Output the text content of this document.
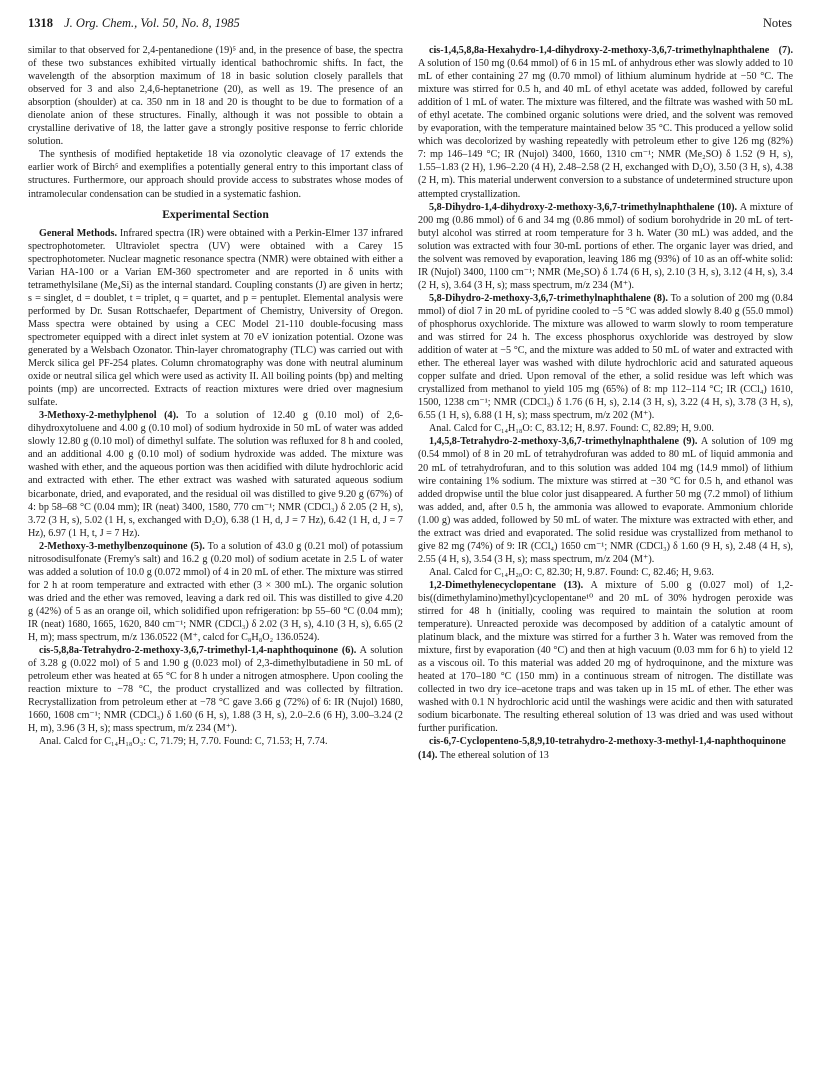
1318 J. Org. Chem., Vol. 50, No. 8, 1985	Notes

similar to that observed for 2,4-pentanedione (19)⁵ and, in the presence of base, the spectra of these two substances exhibited virtually identical bathochromic shifts. In fact, the wavelength of the absorption maximum of 18 in basic solution closely parallels that observed for 3 and also 2,4,6-heptanetrione (20), as well as 19. The presence of an absorption (shoulder) at ca. 350 nm in 18 and 20 is thought to be due to formation of a dienolate anion of these structures. Finally, although it was not possible to obtain a crystalline derivative of 18, the latter gave a strongly positive response to ferric chloride solution.

The synthesis of modified heptaketide 18 via ozonolytic cleavage of 17 extends the earlier work of Birch⁵ and exemplifies a potentially general entry to this important class of structures. Furthermore, our approach should provide access to substrates whose modes of intramolecular condensation can be studied in a systematic fashion.

Experimental Section

General Methods. Infrared spectra (IR) were obtained with a Perkin-Elmer 137 infrared spectrophotometer. Ultraviolet spectra (UV) were obtained with a Carey 15 spectrophotometer. Nuclear magnetic resonance spectra (NMR) were obtained with either a Varian HA-100 or a Varian EM-360 spectrometer and are reported in δ units with tetramethylsilane (Me₄Si) as the internal standard. Coupling constants (J) are given in hertz; s = singlet, d = doublet, t = triplet, q = quartet, and p = pentuplet. Elemental analysis were performed by Dr. Susan Rottschaefer, Department of Chemistry, University of Oregon. Mass spectra were obtained by using a CEC Model 21-110 double-focusing mass spectrometer equipped with a direct inlet system at 70 eV ionization potential. Ozone was generated by a Welsbach Ozonator. Thin-layer chromatography (TLC) was carried out with Merck silica gel PF-254 plates. Column chromatography was done with neutral aluminum oxide or neutral silica gel which were used as activity II. All boiling points (bp) and melting points (mp) are uncorrected. Extracts of reaction mixtures were dried over magnesium sulfate.

3-Methoxy-2-methylphenol (4). To a solution of 12.40 g (0.10 mol) of 2,6-dihydroxytoluene and 4.00 g (0.10 mol) of sodium hydroxide in 50 mL of water was added slowly 12.80 g (0.10 mol) of dimethyl sulfate. The solution was refluxed for 8 h and cooled, and an additional 4.00 g (0.10 mol) of sodium hydroxide was added. The mixture was washed with ether, and the aqueous portion was then acidified with dilute hydrochloric acid and extracted with ether. The ether extract was washed with saturated aqueous sodium bicarbonate, dried, and evaporated, and the residual oil was distilled to give 9.20 g (67%) of 4: bp 58–68 °C (0.04 mm); IR (neat) 3400, 1580, 770 cm⁻¹; NMR (CDCl₃) δ 2.05 (2 H, s), 3.72 (3 H, s), 5.02 (1 H, s, exchanged with D₂O), 6.38 (1 H, d, J = 7 Hz), 6.42 (1 H, d, J = 7 Hz), 6.97 (1 H, t, J = 7 Hz).

2-Methoxy-3-methylbenzoquinone (5). To a solution of 43.0 g (0.21 mol) of potassium nitrosodisulfonate (Fremy's salt) and 16.2 g (0.20 mol) of sodium acetate in 2.5 L of water was added a solution of 10.0 g (0.072 mmol) of 4 in 20 mL of ether. The mixture was stirred for 2 h at room temperature and extracted with ether (3 × 300 mL). The organic solution was dried and the ether was removed, leaving a dark red oil. This was distilled to give 4.20 g (42%) of 5 as an orange oil, which solidified upon refrigeration: bp 55–60 °C (0.04 mm); IR (neat) 1680, 1665, 1620, 840 cm⁻¹; NMR (CDCl₃) δ 2.02 (3 H, s), 4.10 (3 H, s), 6.65 (2 H, m); mass spectrum, m/z 136.0522 (M⁺, calcd for C₈H₈O₂ 136.0524).

cis-5,8,8a-Tetrahydro-2-methoxy-3,6,7-trimethyl-1,4-naphthoquinone (6). A solution of 3.28 g (0.022 mol) of 5 and 1.90 g (0.023 mol) of 2,3-dimethylbutadiene in 50 mL of petroleum ether was heated at 65 °C for 8 h under a nitrogen atmosphere. Upon cooling the reaction mixture to −78 °C, the product crystallized and was collected by filtration. Recrystallization from petroleum ether at −78 °C gave 3.66 g (72%) of 6: IR (Nujol) 1680, 1660, 1608 cm⁻¹; NMR (CDCl₃) δ 1.60 (6 H, s), 1.88 (3 H, s), 2.0–2.6 (6 H), 3.00–3.24 (2 H, m), 3.96 (3 H, s); mass spectrum, m/z 234 (M⁺).

Anal. Calcd for C₁₄H₁₈O₃: C, 71.79; H, 7.70. Found: C, 71.53; H, 7.74.

cis-1,4,5,8,8a-Hexahydro-1,4-dihydroxy-2-methoxy-3,6,7-trimethylnaphthalene (7). A solution of 150 mg (0.64 mmol) of 6 in 15 mL of anhydrous ether was slowly added to 10 mL of ether containing 27 mg (0.70 mmol) of lithium aluminum hydride at −50 °C. The mixture was stirred for 0.5 h, and 40 mL of ethyl acetate was added, followed by careful addition of 1 mL of water. The mixture was filtered, and the filtrate was washed with 50 mL of ethyl acetate. The combined organic solutions were dried, and the solvent was removed by evaporation, with the temperature maintained below 35 °C. This produced a yellow solid which was decolorized by washing repeatedly with petroleum ether to give 126 mg (82%) 7: mp 146–149 °C; IR (Nujol) 3400, 1660, 1310 cm⁻¹; NMR (Me₂SO) δ 1.52 (9 H, s), 1.55–1.83 (2 H), 1.96–2.20 (4 H), 2.48–2.58 (2 H, exchanged with D₂O), 3.50 (3 H, s), 4.38 (2 H, m). This material underwent conversion to a substance of undetermined structure upon attempted crystallization.

5,8-Dihydro-1,4-dihydroxy-2-methoxy-3,6,7-trimethylnaphthalene (10). A mixture of 200 mg (0.86 mmol) of 6 and 34 mg (0.86 mmol) of sodium borohydride in 20 mL of tert-butyl alcohol was stirred at room temperature for 3 h. Water (30 mL) was added, and the solution was extracted with four 30-mL portions of ether. The organic layer was dried, and the solvent was removed by evaporation, leaving 186 mg (93%) of 10 as an off-white solid: IR (Nujol) 3400, 1100 cm⁻¹; NMR (Me₂SO) δ 1.74 (6 H, s), 2.10 (3 H, s), 3.12 (4 H, s), 3.4 (2 H, s), 3.64 (3 H, s); mass spectrum, m/z 234 (M⁺).

5,8-Dihydro-2-methoxy-3,6,7-trimethylnaphthalene (8). To a solution of 200 mg (0.84 mmol) of diol 7 in 20 mL of pyridine cooled to −5 °C was added slowly 8.40 g (55.0 mmol) of phosphorus oxychloride. The mixture was allowed to warm slowly to room temperature and was stirred for 24 h. The excess phosphorus oxychloride was destroyed by slow addition of water at −5 °C, and the mixture was added to 50 mL of water and extracted with ether. The ethereal layer was washed with dilute hydrochloric acid and saturated aqueous copper sulfate and dried. Upon removal of the ether, a solid residue was left which was crystallized from methanol to yield 105 mg (65%) of 8: mp 112–114 °C; IR (CCl₄) 1610, 1500, 1238 cm⁻¹; NMR (CDCl₃) δ 1.76 (6 H, s), 2.14 (3 H, s), 3.22 (4 H, s), 3.78 (3 H, s), 6.55 (1 H, s), 6.88 (1 H, s); mass spectrum, m/z 202 (M⁺).

Anal. Calcd for C₁₄H₁₈O: C, 83.12; H, 8.97. Found: C, 82.89; H, 9.00.

1,4,5,8-Tetrahydro-2-methoxy-3,6,7-trimethylnaphthalene (9). A solution of 109 mg (0.54 mmol) of 8 in 20 mL of tetrahydrofuran was added to 80 mL of liquid ammonia and 20 mL of tetrahydrofuran, and to this solution was added 104 mg (14.9 mmol) of lithium wire containing 1% sodium. The mixture was stirred at −30 °C for 0.5 h, and ethanol was added dropwise until the blue color just disappeared. A further 50 mg (7.2 mmol) of lithium was added, and, after 0.5 h, the ammonia was allowed to evaporate. Ammonium chloride (1.00 g) was added, followed by 50 mL of water. The mixture was extracted with ether, and the extract was dried and evaporated. The solid residue was crystallized from methanol to give 82 mg (74%) of 9: IR (CCl₄) 1650 cm⁻¹; NMR (CDCl₃) δ 1.60 (9 H, s), 2.48 (4 H, s), 2.55 (4 H, s), 3.54 (3 H, s); mass spectrum, m/z 204 (M⁺).

Anal. Calcd for C₁₄H₂₀O: C, 82.30; H, 9.87. Found: C, 82.46; H, 9.63.

1,2-Dimethylenecyclopentane (13). A mixture of 5.00 g (0.027 mol) of 1,2-bis((dimethylamino)methyl)cyclopentane¹⁰ and 20 mL of 30% hydrogen peroxide was stirred for 48 h (initially, cooling was required to maintain the solution at room temperature). Unreacted peroxide was decomposed by addition of a catalytic amount of platinum black, and the mixture was stirred for a further 3 h. Water was removed from the mixture, first by evaporation (40 °C) and then at high vacuum (0.03 mm for 6 h) to yield 12 as a viscous oil. To this material was added 20 mg of hydroquinone, and the mixture was heated at 170–180 °C (150 mm) in a continuous stream of nitrogen. The distillate was collected in two dry ice–acetone traps and was taken up in 15 mL of ether. The ether was washed with 0.1 N hydrochloric acid until the washings were acidic and then with saturated sodium bicarbonate. The resulting ethereal solution of 13 was dried and was used without further purification.

cis-6,7-Cyclopenteno-5,8,9,10-tetrahydro-2-methoxy-3-methyl-1,4-naphthoquinone (14). The ethereal solution of 13
